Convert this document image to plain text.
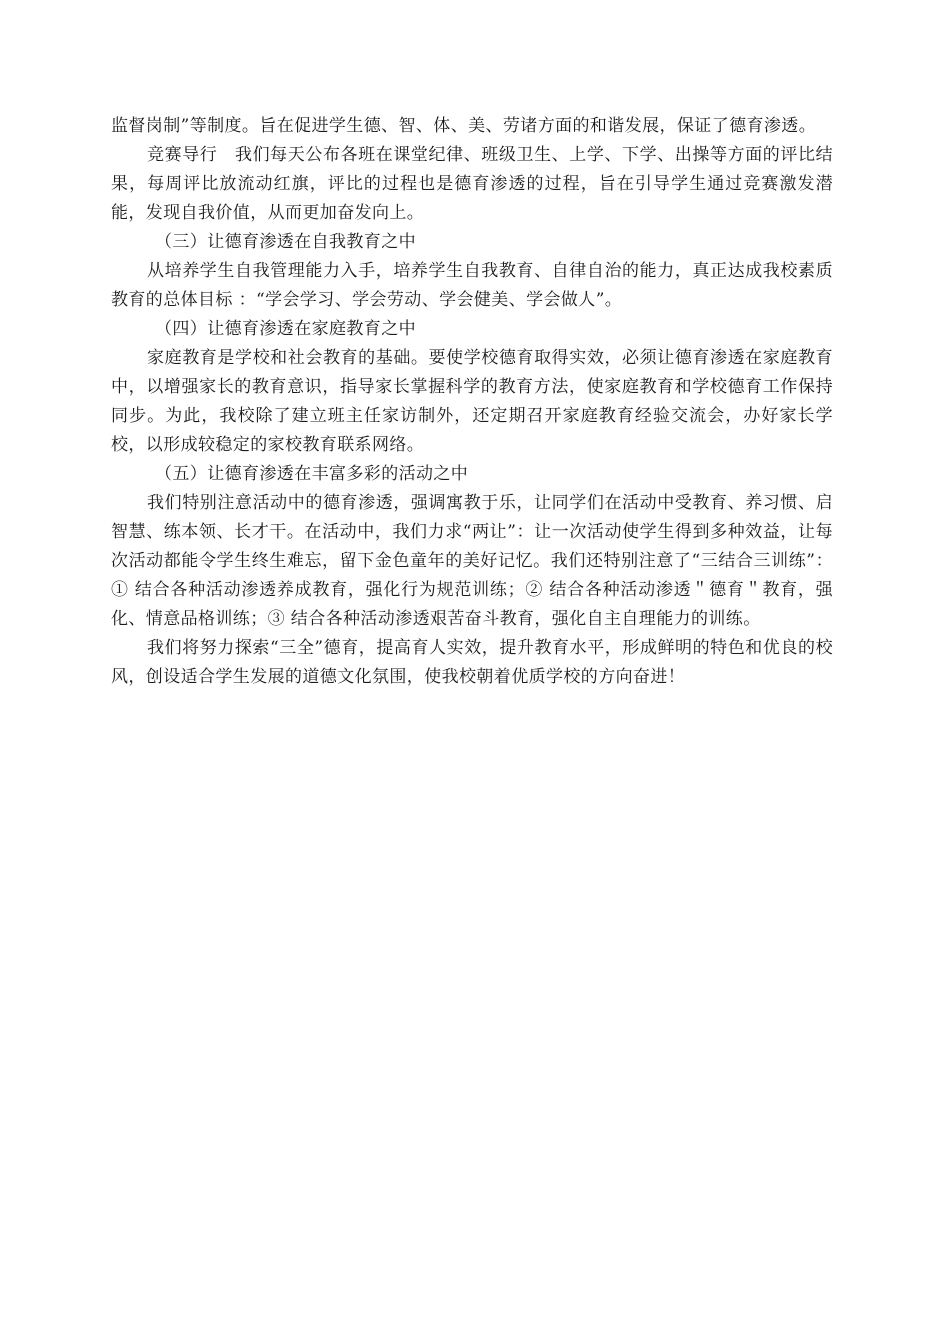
监督岗制”等制度。旨在促进学生德、智、体、美、劳诸方面的和谐发展，保证了德育渗透。

竞赛导行　我们每天公布各班在课堂纪律、班级卫生、上学、下学、出操等方面的评比结果，每周评比放流动红旗，评比的过程也是德育渗透的过程，旨在引导学生通过竞赛激发潜能，发现自我价值，从而更加奋发向上。

（三）让德育渗透在自我教育之中

从培养学生自我管理能力入手，培养学生自我教育、自律自治的能力，真正达成我校素质教育的总体目标 ：“学会学习、学会劳动、学会健美、学会做人”。

（四）让德育渗透在家庭教育之中

家庭教育是学校和社会教育的基础。要使学校德育取得实效，必须让德育渗透在家庭教育中，以增强家长的教育意识，指导家长掌握科学的教育方法，使家庭教育和学校德育工作保持同步。为此，我校除了建立班主任家访制外，还定期召开家庭教育经验交流会，办好家长学校，以形成较稳定的家校教育联系网络。

（五）让德育渗透在丰富多彩的活动之中

我们特别注意活动中的德育渗透，强调寓教于乐，让同学们在活动中受教育、养习惯、启智慧、练本领、长才干。在活动中，我们力求“两让”：让一次活动使学生得到多种效益，让每次活动都能令学生终生难忘，留下金色童年的美好记忆。我们还特别注意了“三结合三训练”：① 结合各种活动渗透养成教育，强化行为规范训练；② 结合各种活动渗透＂德育＂教育，强化、情意品格训练；③ 结合各种活动渗透艰苦奋斗教育，强化自主自理能力的训练。

我们将努力探索“三全”德育，提高育人实效，提升教育水平，形成鲜明的特色和优良的校风，创设适合学生发展的道德文化氛围，使我校朝着优质学校的方向奋进！
